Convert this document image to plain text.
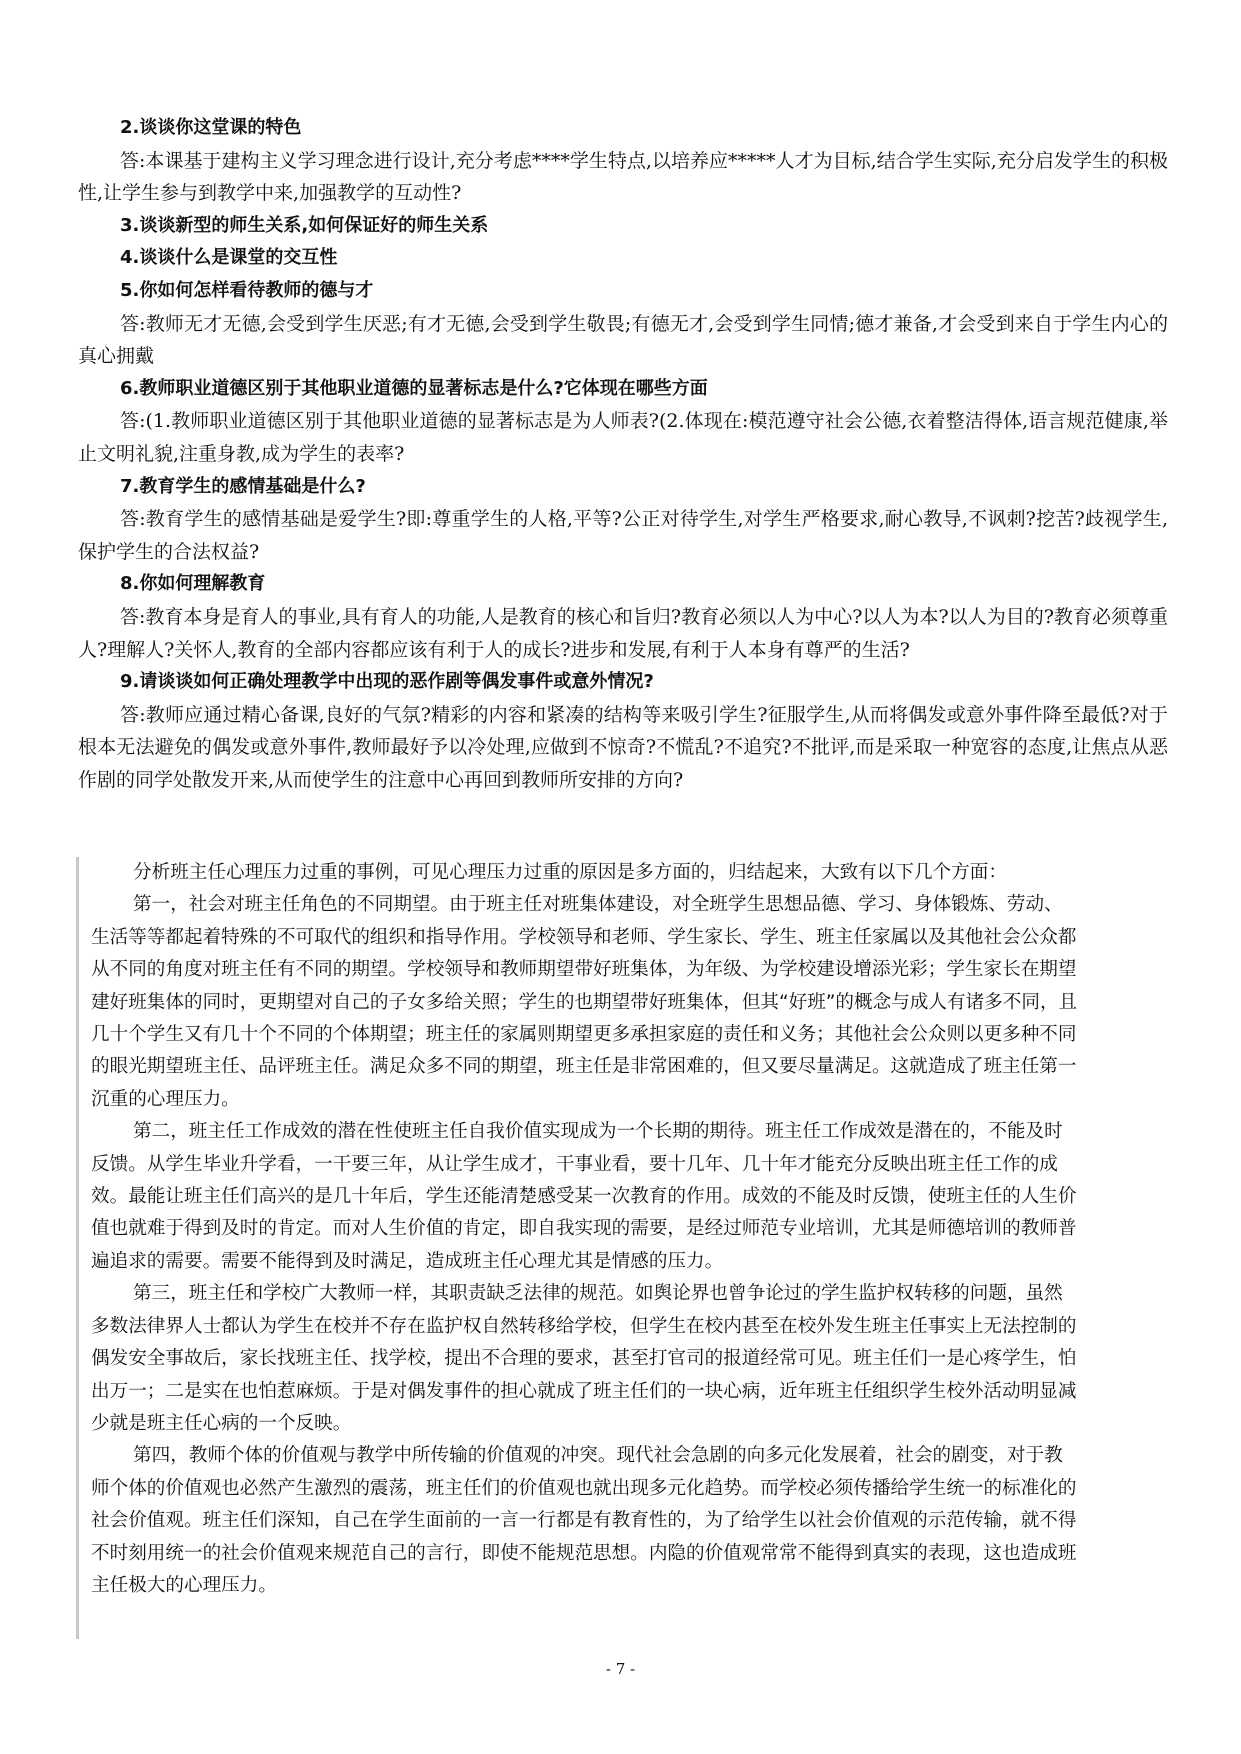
2.谈谈你这堂课的特色
答:本课基于建构主义学习理念进行设计,充分考虑****学生特点,以培养应*****人才为目标,结合学生实际,充分启发学生的积极性,让学生参与到教学中来,加强教学的互动性?
3.谈谈新型的师生关系,如何保证好的师生关系
4.谈谈什么是课堂的交互性
5.你如何怎样看待教师的德与才
答:教师无才无德,会受到学生厌恶;有才无德,会受到学生敬畏;有德无才,会受到学生同情;德才兼备,才会受到来自于学生内心的真心拥戴
6.教师职业道德区别于其他职业道德的显著标志是什么?它体现在哪些方面
答:(1.教师职业道德区别于其他职业道德的显著标志是为人师表?(2.体现在:模范遵守社会公德,衣着整洁得体,语言规范健康,举止文明礼貌,注重身教,成为学生的表率?
7.教育学生的感情基础是什么?
答:教育学生的感情基础是爱学生?即:尊重学生的人格,平等?公正对待学生,对学生严格要求,耐心教导,不讽刺?挖苦?歧视学生,保护学生的合法权益?
8.你如何理解教育
答:教育本身是育人的事业,具有育人的功能,人是教育的核心和旨归?教育必须以人为中心?以人为本?以人为目的?教育必须尊重人?理解人?关怀人,教育的全部内容都应该有利于人的成长?进步和发展,有利于人本身有尊严的生活?
9.请谈谈如何正确处理教学中出现的恶作剧等偶发事件或意外情况?
答:教师应通过精心备课,良好的气氛?精彩的内容和紧凑的结构等来吸引学生?征服学生,从而将偶发或意外事件降至最低?对于根本无法避免的偶发或意外事件,教师最好予以冷处理,应做到不惊奇?不慌乱?不追究?不批评,而是采取一种宽容的态度,让焦点从恶作剧的同学处散发开来,从而使学生的注意中心再回到教师所安排的方向?

分析班主任心理压力过重的事例，可见心理压力过重的原因是多方面的，归结起来，大致有以下几个方面：

第一，社会对班主任角色的不同期望。由于班主任对班集体建设，对全班学生思想品德、学习、身体锻炼、劳动、生活等等都起着特殊的不可取代的组织和指导作用。学校领导和老师、学生家长、学生、班主任家属以及其他社会公众都从不同的角度对班主任有不同的期望。学校领导和教师期望带好班集体，为年级、为学校建设增添光彩；学生家长在期望建好班集体的同时，更期望对自己的子女多给关照；学生的也期望带好班集体，但其“好班”的概念与成人有诸多不同，且几十个学生又有几十个不同的个体期望；班主任的家属则期望更多承担家庭的责任和义务；其他社会公众则以更多种不同的眼光期望班主任、品评班主任。满足众多不同的期望，班主任是非常困难的，但又要尽量满足。这就造成了班主任第一沉重的心理压力。

第二，班主任工作成效的潜在性使班主任自我价值实现成为一个长期的期待。班主任工作成效是潜在的，不能及时反馈。从学生毕业升学看，一干要三年，从让学生成才，干事业看，要十几年、几十年才能充分反映出班主任工作的成效。最能让班主任们高兴的是几十年后，学生还能清楚感受某一次教育的作用。成效的不能及时反馈，使班主任的人生价值也就难于得到及时的肯定。而对人生价值的肯定，即自我实现的需要，是经过师范专业培训，尤其是师德培训的教师普遍追求的需要。需要不能得到及时满足，造成班主任心理尤其是情感的压力。

第三，班主任和学校广大教师一样，其职责缺乏法律的规范。如舆论界也曾争论过的学生监护权转移的问题，虽然多数法律界人士都认为学生在校并不存在监护权自然转移给学校，但学生在校内甚至在校外发生班主任事实上无法控制的偶发安全事故后，家长找班主任、找学校，提出不合理的要求，甚至打官司的报道经常可见。班主任们一是心疼学生，怕出万一；二是实在也怕惹麻烦。于是对偶发事件的担心就成了班主任们的一块心病，近年班主任组织学生校外活动明显减少就是班主任心病的一个反映。

第四，教师个体的价值观与教学中所传输的价值观的冲突。现代社会急剧的向多元化发展着，社会的剧变，对于教师个体的价值观也必然产生激烈的震荡，班主任们的价值观也就出现多元化趋势。而学校必须传播给学生统一的标准化的社会价值观。班主任们深知，自己在学生面前的一言一行都是有教育性的，为了给学生以社会价值观的示范传输，就不得不时刻用统一的社会价值观来规范自己的言行，即使不能规范思想。内隐的价值观常常不能得到真实的表现，这也造成班主任极大的心理压力。

- 7 -
